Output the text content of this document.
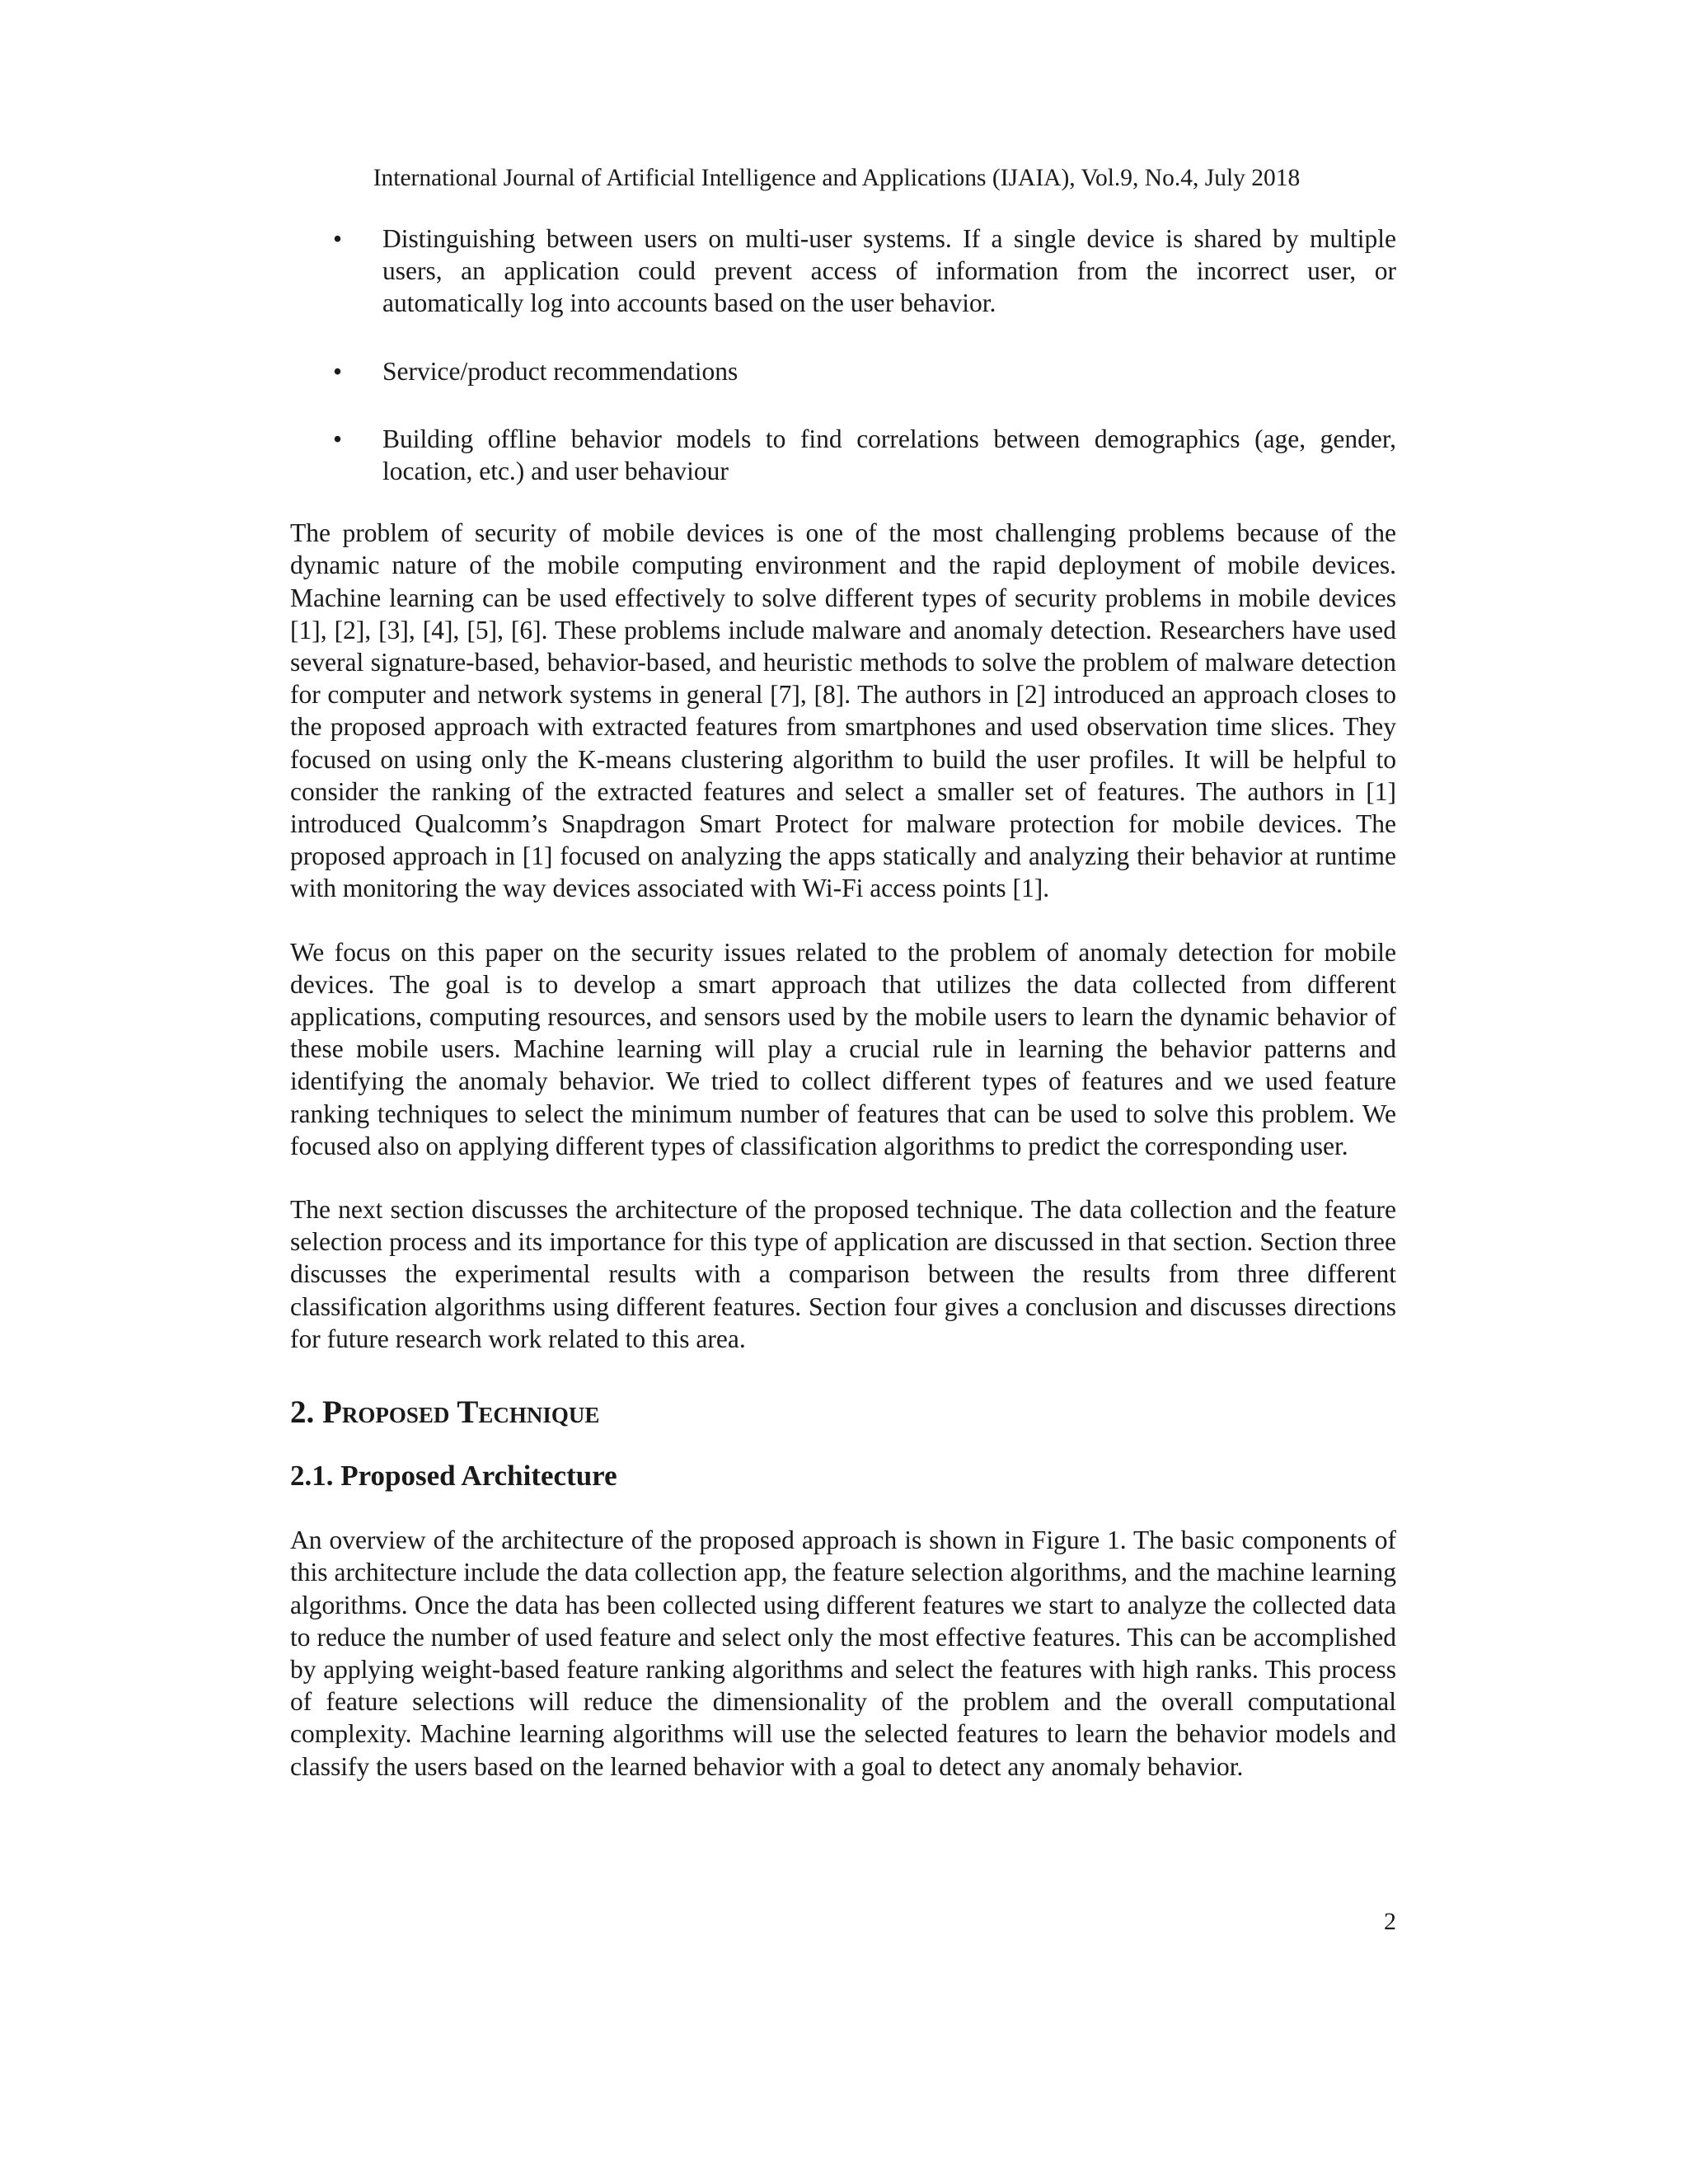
International Journal of Artificial Intelligence and Applications (IJAIA), Vol.9, No.4, July 2018
• Distinguishing between users on multi-user systems. If a single device is shared by multiple users, an application could prevent access of information from the incorrect user, or automatically log into accounts based on the user behavior.
• Service/product recommendations
• Building offline behavior models to find correlations between demographics (age, gender, location, etc.) and user behaviour

The problem of security of mobile devices is one of the most challenging problems because of the dynamic nature of the mobile computing environment and the rapid deployment of mobile devices. Machine learning can be used effectively to solve different types of security problems in mobile devices [1], [2], [3], [4], [5], [6]. These problems include malware and anomaly detection. Researchers have used several signature-based, behavior-based, and heuristic methods to solve the problem of malware detection for computer and network systems in general [7], [8]. The authors in [2] introduced an approach closes to the proposed approach with extracted features from smartphones and used observation time slices. They focused on using only the K-means clustering algorithm to build the user profiles. It will be helpful to consider the ranking of the extracted features and select a smaller set of features. The authors in [1] introduced Qualcomm’s Snapdragon Smart Protect for malware protection for mobile devices. The proposed approach in [1] focused on analyzing the apps statically and analyzing their behavior at runtime with monitoring the way devices associated with Wi-Fi access points [1].

We focus on this paper on the security issues related to the problem of anomaly detection for mobile devices. The goal is to develop a smart approach that utilizes the data collected from different applications, computing resources, and sensors used by the mobile users to learn the dynamic behavior of these mobile users. Machine learning will play a crucial rule in learning the behavior patterns and identifying the anomaly behavior. We tried to collect different types of features and we used feature ranking techniques to select the minimum number of features that can be used to solve this problem. We focused also on applying different types of classification algorithms to predict the corresponding user.

The next section discusses the architecture of the proposed technique. The data collection and the feature selection process and its importance for this type of application are discussed in that section. Section three discusses the experimental results with a comparison between the results from three different classification algorithms using different features. Section four gives a conclusion and discusses directions for future research work related to this area.

2. Proposed Technique
2.1. Proposed Architecture

An overview of the architecture of the proposed approach is shown in Figure 1. The basic components of this architecture include the data collection app, the feature selection algorithms, and the machine learning algorithms. Once the data has been collected using different features we start to analyze the collected data to reduce the number of used feature and select only the most effective features. This can be accomplished by applying weight-based feature ranking algorithms and select the features with high ranks. This process of feature selections will reduce the dimensionality of the problem and the overall computational complexity. Machine learning algorithms will use the selected features to learn the behavior models and classify the users based on the learned behavior with a goal to detect any anomaly behavior.

2
